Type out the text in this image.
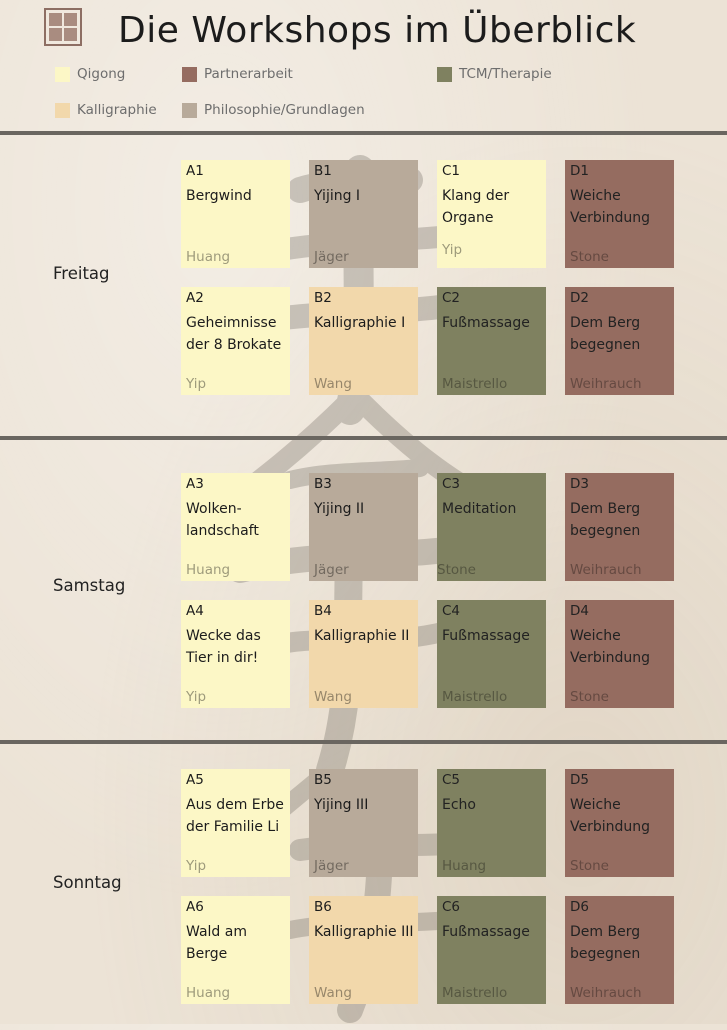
Die Workshops im Überblick
Qigong	Partnerarbeit	TCM/Therapie
Kalligraphie	Philosophie/Grundlagen
Freitag
A1
Bergwind
Huang
B1
Yijing I
Jäger
C1
Klang der Organe
Yip
D1
Weiche Verbindung
Stone
A2
Geheimnisse der 8 Brokate
Yip
B2
Kalligraphie I
Wang
C2
Fußmassage
Maistrello
D2
Dem Berg begegnen
Weihrauch
Samstag
A3
Wolken-landschaft
Huang
B3
Yijing II
Jäger
C3
Meditation
Stone
D3
Dem Berg begegnen
Weihrauch
A4
Wecke das Tier in dir!
Yip
B4
Kalligraphie II
Wang
C4
Fußmassage
Maistrello
D4
Weiche Verbindung
Stone
Sonntag
A5
Aus dem Erbe der Familie Li
Yip
B5
Yijing III
Jäger
C5
Echo
Huang
D5
Weiche Verbindung
Stone
A6
Wald am Berge
Huang
B6
Kalligraphie III
Wang
C6
Fußmassage
Maistrello
D6
Dem Berg begegnen
Weihrauch
